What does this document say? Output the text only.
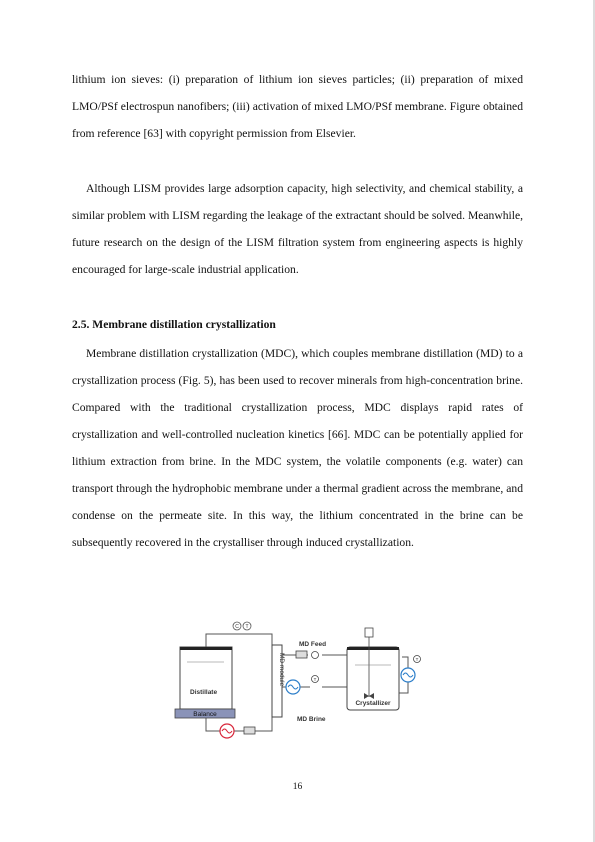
lithium ion sieves: (i) preparation of lithium ion sieves particles; (ii) preparation of mixed LMO/PSf electrospun nanofibers; (iii) activation of mixed LMO/PSf membrane. Figure obtained from reference [63] with copyright permission from Elsevier.

Although LISM provides large adsorption capacity, high selectivity, and chemical stability, a similar problem with LISM regarding the leakage of the extractant should be solved. Meanwhile, future research on the design of the LISM filtration system from engineering aspects is highly encouraged for large-scale industrial application.

2.5. Membrane distillation crystallization

Membrane distillation crystallization (MDC), which couples membrane distillation (MD) to a crystallization process (Fig. 5), has been used to recover minerals from high-concentration brine. Compared with the traditional crystallization process, MDC displays rapid rates of crystallization and well-controlled nucleation kinetics [66]. MDC can be potentially applied for lithium extraction from brine. In the MDC system, the volatile components (e.g. water) can transport through the hydrophobic membrane under a thermal gradient across the membrane, and condense on the permeate site. In this way, the lithium concentrated in the brine can be subsequently recovered in the crystalliser through induced crystallization.

C T
Distillate
Balance
MD module
MD Feed
T
MD Brine
Crystallizer
T
16
